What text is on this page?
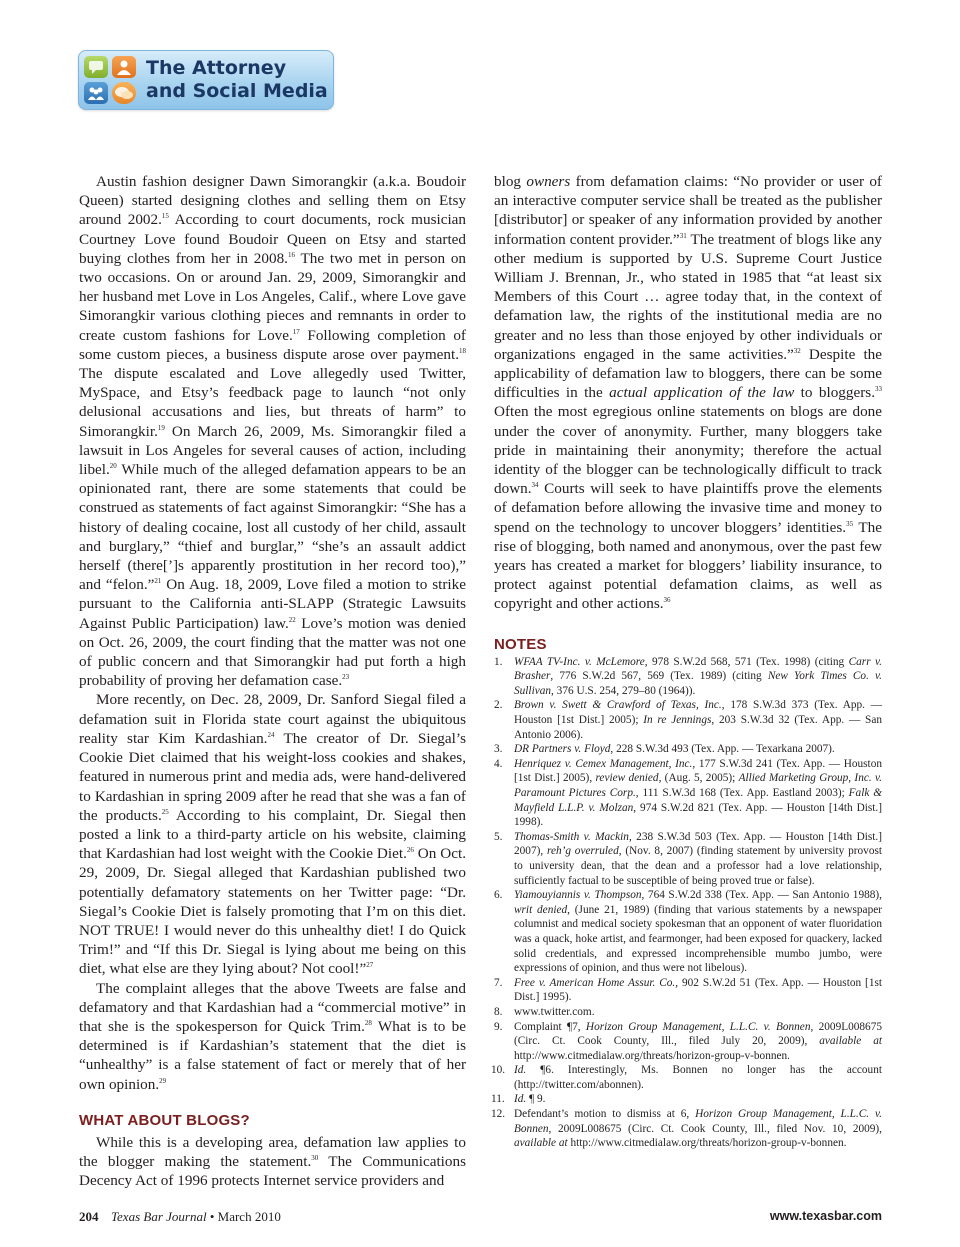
The Attorney
and Social Media

Austin fashion designer Dawn Simorangkir (a.k.a. Boudoir Queen) started designing clothes and selling them on Etsy around 2002.15 According to court documents, rock musician Courtney Love found Boudoir Queen on Etsy and started buying clothes from her in 2008.16 The two met in person on two occasions. On or around Jan. 29, 2009, Simorangkir and her husband met Love in Los Angeles, Calif., where Love gave Simorangkir various clothing pieces and remnants in order to create custom fashions for Love.$^{17}$ Following completion of some custom pieces, a business dispute arose over payment.$^{18}$ The dispute escalated and Love allegedly used Twitter, MySpace, and Etsy’s feedback page to launch “not only delusional accusations and lies, but threats of harm” to Simorangkir.$^{19}$ On March 26, 2009, Ms. Simorangkir filed a lawsuit in Los Angeles for several causes of action, including libel.$^{20}$ While much of the alleged defamation appears to be an opinionated rant, there are some statements that could be construed as statements of fact against Simorangkir: “She has a history of dealing cocaine, lost all custody of her child, assault and burglary,” “thief and burglar,” “she’s an assault addict herself (there[’]s apparently prostitution in her record too),” and “felon.”$^{21}$ On Aug. 18, 2009, Love filed a motion to strike pursuant to the California anti-SLAPP (Strategic Lawsuits Against Public Participation) law.$^{22}$ Love’s motion was denied on Oct. 26, 2009, the court finding that the matter was not one of public concern and that Simorangkir had put forth a high probability of proving her defamation case.$^{23}$

More recently, on Dec. 28, 2009, Dr. Sanford Siegal filed a defamation suit in Florida state court against the ubiquitous reality star Kim Kardashian.$^{24}$ The creator of Dr. Siegal’s Cookie Diet claimed that his weight-loss cookies and shakes, featured in numerous print and media ads, were hand-delivered to Kardashian in spring 2009 after he read that she was a fan of the products.$^{25}$ According to his complaint, Dr. Siegal then posted a link to a third-party article on his website, claiming that Kardashian had lost weight with the Cookie Diet.$^{26}$ On Oct. 29, 2009, Dr. Siegal alleged that Kardashian published two potentially defamatory statements on her Twitter page: “Dr. Siegal’s Cookie Diet is falsely promoting that I’m on this diet. NOT TRUE! I would never do this unhealthy diet! I do Quick Trim!” and “If this Dr. Siegal is lying about me being on this diet, what else are they lying about? Not cool!”$^{27}$

The complaint alleges that the above Tweets are false and defamatory and that Kardashian had a “commercial motive” in that she is the spokesperson for Quick Trim.$^{28}$ What is to be determined is if Kardashian’s statement that the diet is “unhealthy” is a false statement of fact or merely that of her own opinion.$^{29}$

WHAT ABOUT BLOGS?

While this is a developing area, defamation law applies to the blogger making the statement.$^{30}$ The Communications Decency Act of 1996 protects Internet service providers and

blog owners from defamation claims: “No provider or user of an interactive computer service shall be treated as the publisher [distributor] or speaker of any information provided by another information content provider.”$^{31}$ The treatment of blogs like any other medium is supported by U.S. Supreme Court Justice William J. Brennan, Jr., who stated in 1985 that “at least six Members of this Court … agree today that, in the context of defamation law, the rights of the institutional media are no greater and no less than those enjoyed by other individuals or organizations engaged in the same activities.”$^{32}$ Despite the applicability of defamation law to bloggers, there can be some difficulties in the actual application of the law to bloggers.$^{33}$ Often the most egregious online statements on blogs are done under the cover of anonymity. Further, many bloggers take pride in maintaining their anonymity; therefore the actual identity of the blogger can be technologically difficult to track down.$^{34}$ Courts will seek to have plaintiffs prove the elements of defamation before allowing the invasive time and money to spend on the technology to uncover bloggers’ identities.$^{35}$ The rise of blogging, both named and anonymous, over the past few years has created a market for bloggers’ liability insurance, to protect against potential defamation claims, as well as copyright and other actions.$^{36}$

NOTES
1.	WFAA TV-Inc. v. McLemore, 978 S.W.2d 568, 571 (Tex. 1998) (citing Carr v. Brasher, 776 S.W.2d 567, 569 (Tex. 1989) (citing New York Times Co. v. Sullivan, 376 U.S. 254, 279–80 (1964)).
2.	Brown v. Swett & Crawford of Texas, Inc., 178 S.W.3d 373 (Tex. App. — Houston [1st Dist.] 2005); In re Jennings, 203 S.W.3d 32 (Tex. App. — San Antonio 2006).
3.	DR Partners v. Floyd, 228 S.W.3d 493 (Tex. App. — Texarkana 2007).
4.	Henriquez v. Cemex Management, Inc., 177 S.W.3d 241 (Tex. App. — Houston [1st Dist.] 2005), review denied, (Aug. 5, 2005); Allied Marketing Group, Inc. v. Paramount Pictures Corp., 111 S.W.3d 168 (Tex. App. Eastland 2003); Falk & Mayfield L.L.P. v. Molzan, 974 S.W.2d 821 (Tex. App. — Houston [14th Dist.] 1998).
5.	Thomas-Smith v. Mackin, 238 S.W.3d 503 (Tex. App. — Houston [14th Dist.] 2007), reh’g overruled, (Nov. 8, 2007) (finding statement by university provost to university dean, that the dean and a professor had a love relationship, sufficiently factual to be susceptible of being proved true or false).
6.	Yiamouyiannis v. Thompson, 764 S.W.2d 338 (Tex. App. — San Antonio 1988), writ denied, (June 21, 1989) (finding that various statements by a newspaper columnist and medical society spokesman that an opponent of water fluoridation was a quack, hoke artist, and fearmonger, had been exposed for quackery, lacked solid credentials, and expressed incomprehensible mumbo jumbo, were expressions of opinion, and thus were not libelous).
7.	Free v. American Home Assur. Co., 902 S.W.2d 51 (Tex. App. — Houston [1st Dist.] 1995).
8.	www.twitter.com.
9.	Complaint ¶7, Horizon Group Management, L.L.C. v. Bonnen, 2009L008675 (Circ. Ct. Cook County, Ill., filed July 20, 2009), available at http://www.citmedialaw.org/threats/horizon-group-v-bonnen.
10. Id. ¶6. Interestingly, Ms. Bonnen no longer has the account (http://twitter.com/abonnen).
11. Id. ¶ 9.
12. Defendant’s motion to dismiss at 6, Horizon Group Management, L.L.C. v. Bonnen, 2009L008675 (Circ. Ct. Cook County, Ill., filed Nov. 10, 2009), available at http://www.citmedialaw.org/threats/horizon-group-v-bonnen.
204 Texas Bar Journal • March 2010	www.texasbar.com
